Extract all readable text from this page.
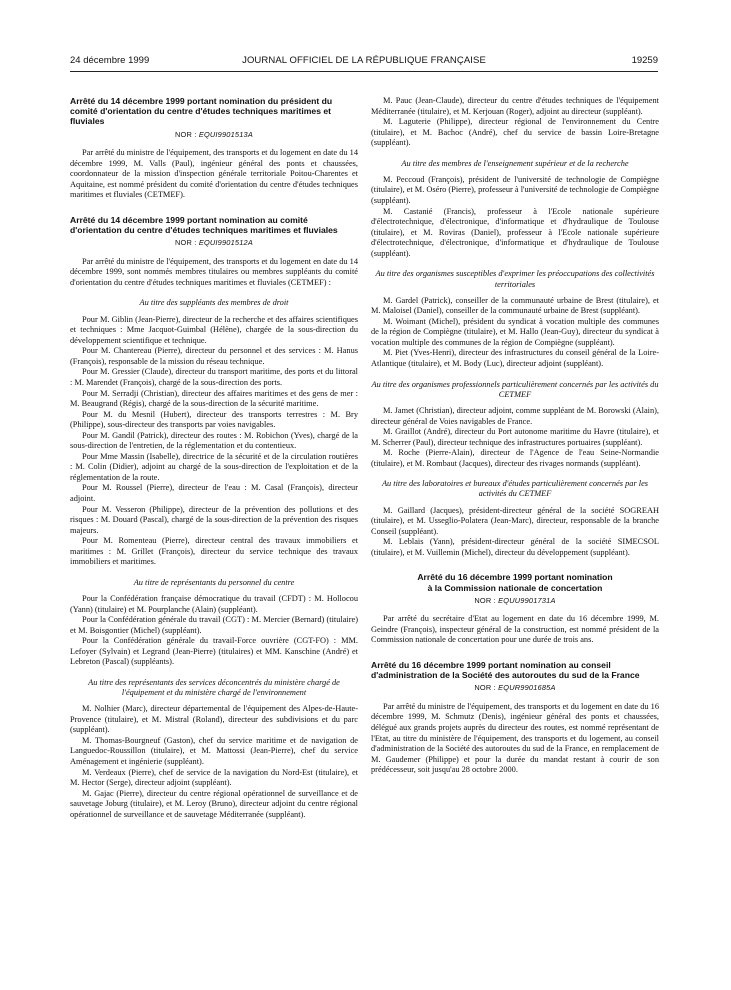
24 décembre 1999	JOURNAL OFFICIEL DE LA RÉPUBLIQUE FRANÇAISE	19259

Arrêté du 14 décembre 1999 portant nomination du président du comité d'orientation du centre d'études techniques maritimes et fluviales

NOR : EQUI9901513A

Par arrêté du ministre de l'équipement, des transports et du logement en date du 14 décembre 1999, M. Valls (Paul), ingénieur général des ponts et chaussées, coordonnateur de la mission d'inspection générale territoriale Poitou-Charentes et Aquitaine, est nommé président du comité d'orientation du centre d'études techniques maritimes et fluviales (CETMEF).

Arrêté du 14 décembre 1999 portant nomination au comité d'orientation du centre d'études techniques maritimes et fluviales

NOR : EQUI9901512A

Par arrêté du ministre de l'équipement, des transports et du logement en date du 14 décembre 1999, sont nommés membres titulaires ou membres suppléants du comité d'orientation du centre d'études techniques maritimes et fluviales (CETMEF) :

Au titre des suppléants des membres de droit

Pour M. Giblin (Jean-Pierre), directeur de la recherche et des affaires scientifiques et techniques : Mme Jacquot-Guimbal (Hélène), chargée de la sous-direction du développement scientifique et technique.

Pour M. Chantereau (Pierre), directeur du personnel et des services : M. Hanus (François), responsable de la mission du réseau technique.

Pour M. Gressier (Claude), directeur du transport maritime, des ports et du littoral : M. Marendet (François), chargé de la sous-direction des ports.

Pour M. Serradji (Christian), directeur des affaires maritimes et des gens de mer : M. Beaugrand (Régis), chargé de la sous-direction de la sécurité maritime.

Pour M. du Mesnil (Hubert), directeur des transports terrestres : M. Bry (Philippe), sous-directeur des transports par voies navigables.

Pour M. Gandil (Patrick), directeur des routes : M. Robichon (Yves), chargé de la sous-direction de l'entretien, de la réglementation et du contentieux.

Pour Mme Massin (Isabelle), directrice de la sécurité et de la circulation routières : M. Colin (Didier), adjoint au chargé de la sous-direction de l'exploitation et de la réglementation de la route.

Pour M. Roussel (Pierre), directeur de l'eau : M. Casal (François), directeur adjoint.

Pour M. Vesseron (Philippe), directeur de la prévention des pollutions et des risques : M. Douard (Pascal), chargé de la sous-direction de la prévention des risques majeurs.

Pour M. Romenteau (Pierre), directeur central des travaux immobiliers et maritimes : M. Grillet (François), directeur du service technique des travaux immobiliers et maritimes.

Au titre de représentants du personnel du centre

Pour la Confédération française démocratique du travail (CFDT) : M. Hollocou (Yann) (titulaire) et M. Pourplanche (Alain) (suppléant).

Pour la Confédération générale du travail (CGT) : M. Mercier (Bernard) (titulaire) et M. Boisgontier (Michel) (suppléant).

Pour la Confédération générale du travail-Force ouvrière (CGT-FO) : MM. Lefoyer (Sylvain) et Legrand (Jean-Pierre) (titulaires) et MM. Kanschine (André) et Lebreton (Pascal) (suppléants).

Au titre des représentants des services déconcentrés du ministère chargé de l'équipement et du ministère chargé de l'environnement

M. Nolhier (Marc), directeur départemental de l'équipement des Alpes-de-Haute-Provence (titulaire), et M. Mistral (Roland), directeur des subdivisions et du parc (suppléant).

M. Thomas-Bourgneuf (Gaston), chef du service maritime et de navigation de Languedoc-Roussillon (titulaire), et M. Mattossi (Jean-Pierre), chef du service Aménagement et ingénierie (suppléant).

M. Verdeaux (Pierre), chef de service de la navigation du Nord-Est (titulaire), et M. Hector (Serge), directeur adjoint (suppléant).

M. Gajac (Pierre), directeur du centre régional opérationnel de surveillance et de sauvetage Joburg (titulaire), et M. Leroy (Bruno), directeur adjoint du centre régional opérationnel de surveillance et de sauvetage Méditerranée (suppléant).

M. Pauc (Jean-Claude), directeur du centre d'études techniques de l'équipement Méditerranée (titulaire), et M. Kerjouan (Roger), adjoint au directeur (suppléant).

M. Laguterie (Philippe), directeur régional de l'environnement du Centre (titulaire), et M. Bachoc (André), chef du service de bassin Loire-Bretagne (suppléant).

Au titre des membres de l'enseignement supérieur et de la recherche

M. Peccoud (François), président de l'université de technologie de Compiègne (titulaire), et M. Oséro (Pierre), professeur à l'université de technologie de Compiègne (suppléant).

M. Castanié (Francis), professeur à l'Ecole nationale supérieure d'électrotechnique, d'électronique, d'informatique et d'hydraulique de Toulouse (titulaire), et M. Roviras (Daniel), professeur à l'Ecole nationale supérieure d'électrotechnique, d'électronique, d'informatique et d'hydraulique de Toulouse (suppléant).

Au titre des organismes susceptibles d'exprimer les préoccupations des collectivités territoriales

M. Gardel (Patrick), conseiller de la communauté urbaine de Brest (titulaire), et M. Maloisel (Daniel), conseiller de la communauté urbaine de Brest (suppléant).

M. Woimant (Michel), président du syndicat à vocation multiple des communes de la région de Compiègne (titulaire), et M. Hallo (Jean-Guy), directeur du syndicat à vocation multiple des communes de la région de Compiègne (suppléant).

M. Piet (Yves-Henri), directeur des infrastructures du conseil général de la Loire-Atlantique (titulaire), et M. Body (Luc), directeur adjoint (suppléant).

Au titre des organismes professionnels particulièrement concernés par les activités du CETMEF

M. Jamet (Christian), directeur adjoint, comme suppléant de M. Borowski (Alain), directeur général de Voies navigables de France.

M. Graillot (André), directeur du Port autonome maritime du Havre (titulaire), et M. Scherrer (Paul), directeur technique des infrastructures portuaires (suppléant).

M. Roche (Pierre-Alain), directeur de l'Agence de l'eau Seine-Normandie (titulaire), et M. Rombaut (Jacques), directeur des rivages normands (suppléant).

Au titre des laboratoires et bureaux d'études particulièrement concernés par les activités du CETMEF

M. Gaillard (Jacques), président-directeur général de la société SOGREAH (titulaire), et M. Usseglio-Polatera (Jean-Marc), directeur, responsable de la branche Conseil (suppléant).

M. Leblais (Yann), président-directeur général de la société SIMECSOL (titulaire), et M. Vuillemin (Michel), directeur du développement (suppléant).

Arrêté du 16 décembre 1999 portant nomination

à la Commission nationale de concertation

NOR : EQUU9901731A

Par arrêté du secrétaire d'Etat au logement en date du 16 décembre 1999, M. Geindre (François), inspecteur général de la construction, est nommé président de la Commission nationale de concertation pour une durée de trois ans.

Arrêté du 16 décembre 1999 portant nomination au conseil d'administration de la Société des autoroutes du sud de la France

NOR : EQUR9901685A

Par arrêté du ministre de l'équipement, des transports et du logement en date du 16 décembre 1999, M. Schmutz (Denis), ingénieur général des ponts et chaussées, délégué aux grands projets auprès du directeur des routes, est nommé représentant de l'Etat, au titre du ministère de l'équipement, des transports et du logement, au conseil d'administration de la Société des autoroutes du sud de la France, en remplacement de M. Gaudemer (Philippe) et pour la durée du mandat restant à courir de son prédécesseur, soit jusqu'au 28 octobre 2000.
